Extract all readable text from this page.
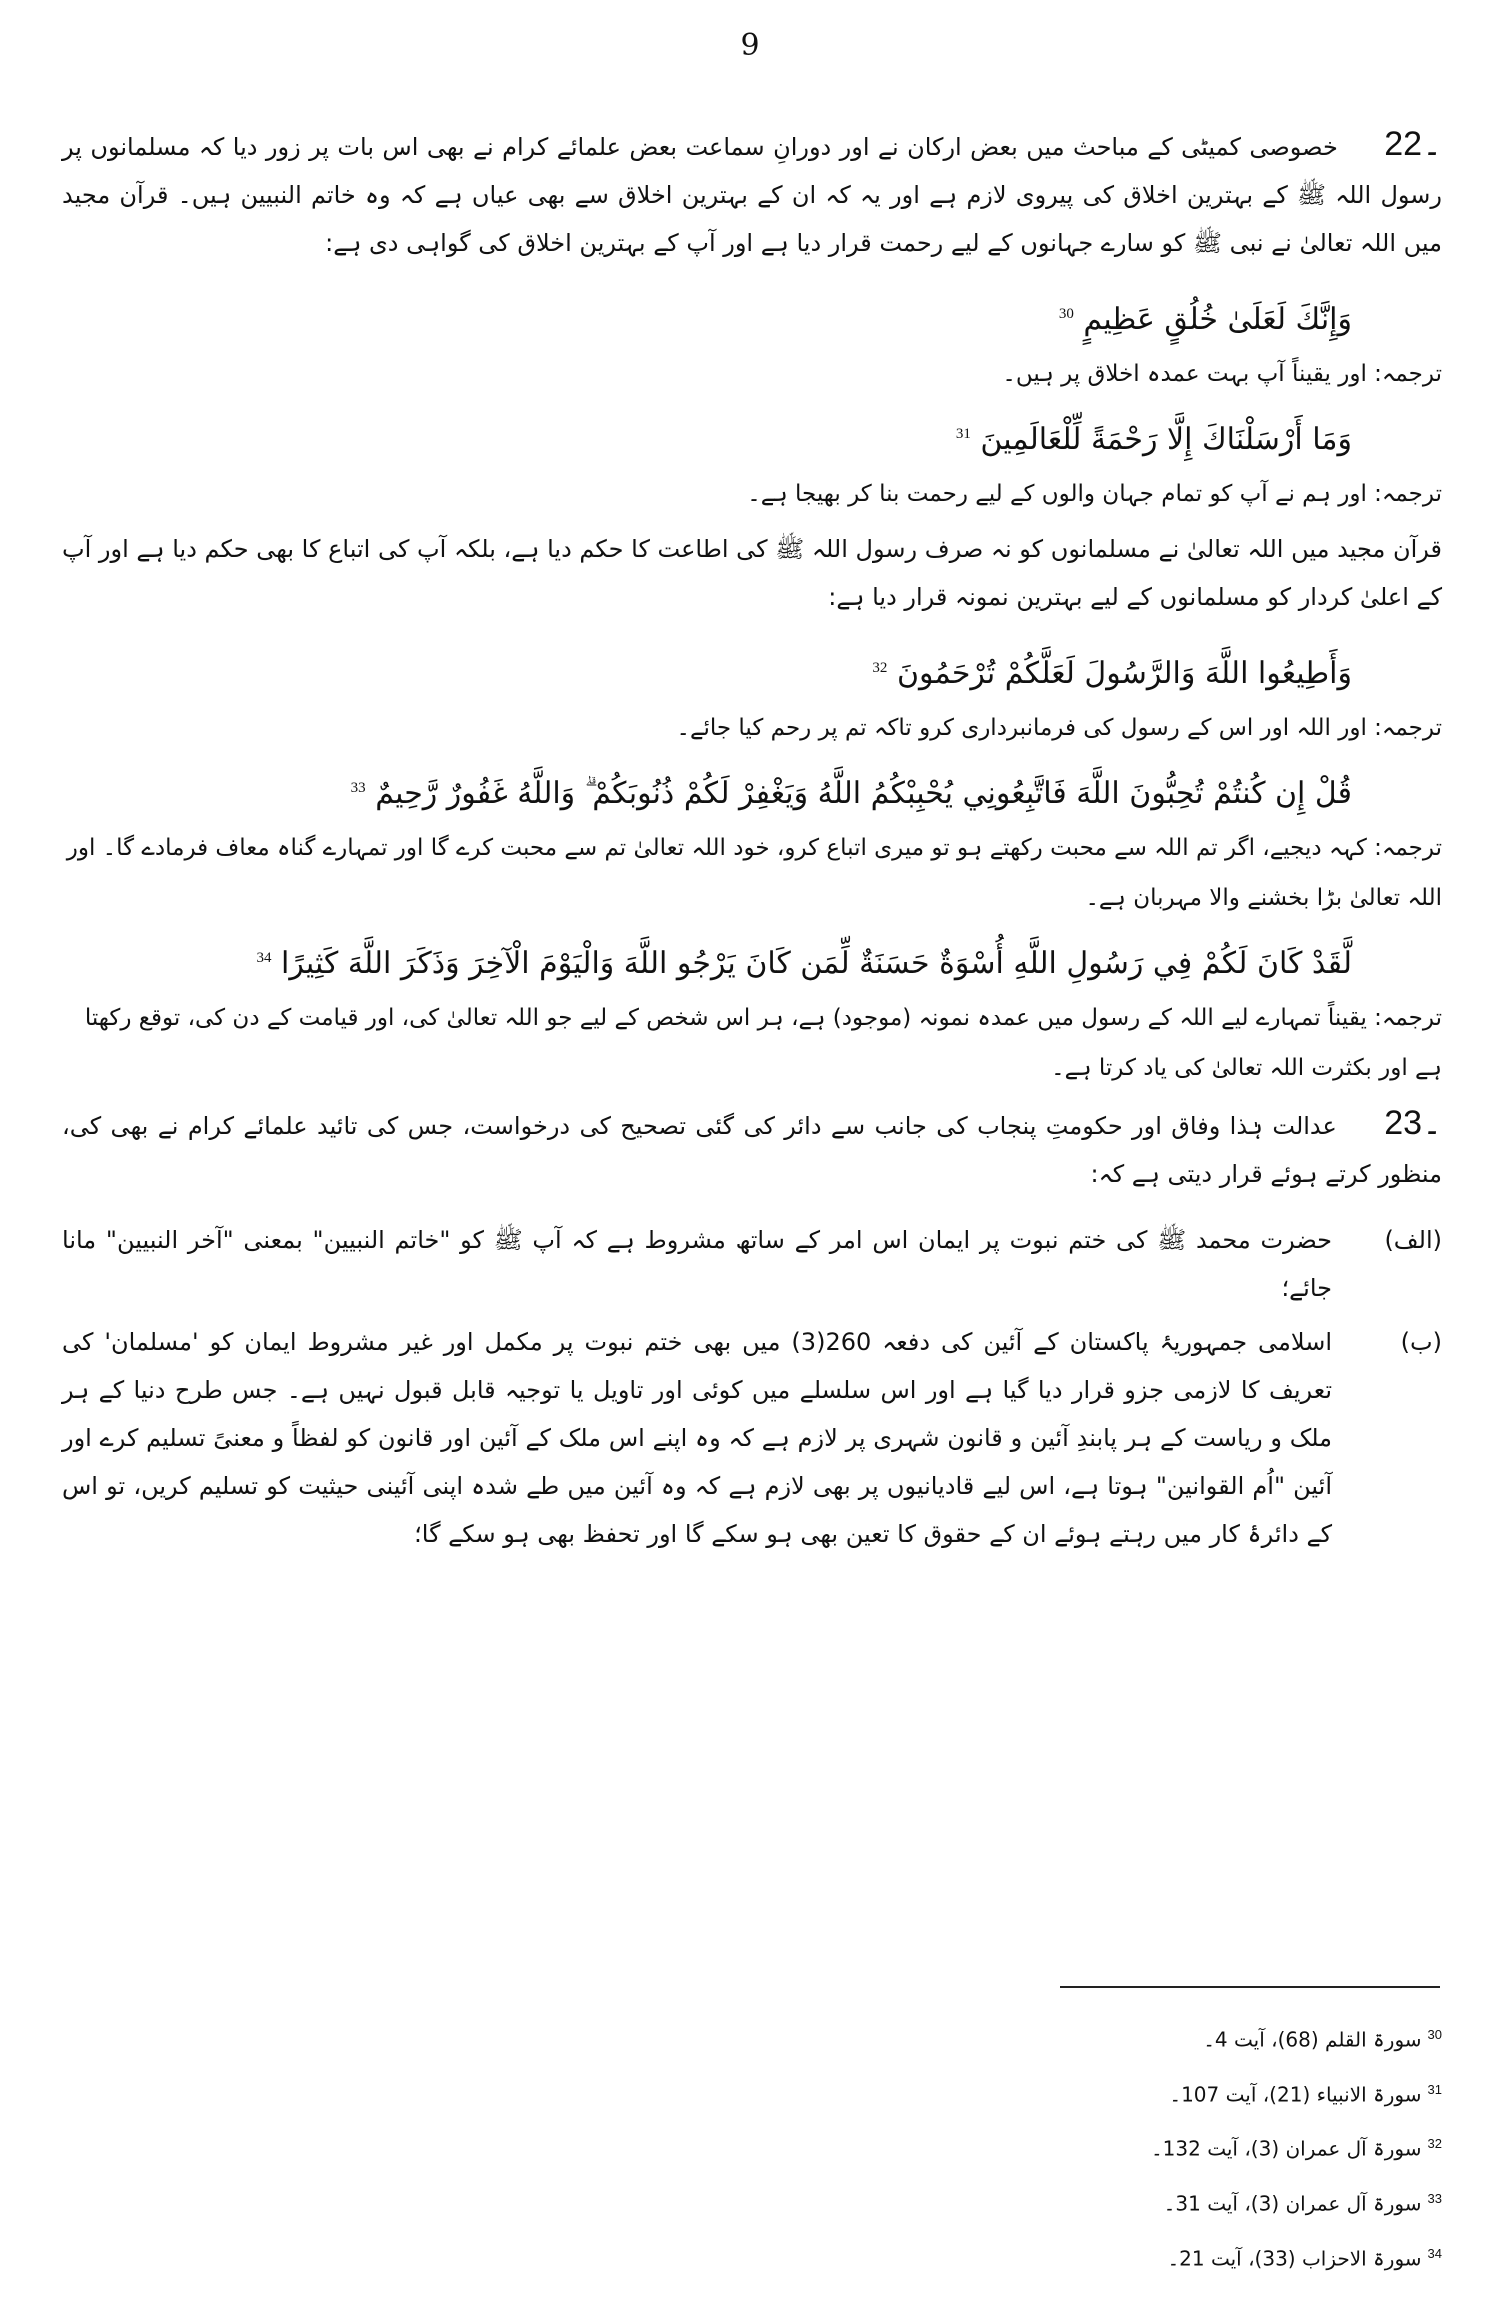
9

22۔ خصوصی کمیٹی کے مباحث میں بعض ارکان نے اور دورانِ سماعت بعض علمائے کرام نے بھی اس بات پر زور دیا کہ مسلمانوں پر رسول اللہ ﷺ کے بہترین اخلاق کی پیروی لازم ہے اور یہ کہ ان کے بہترین اخلاق سے بھی عیاں ہے کہ وہ خاتم النبیین ہیں۔ قرآن مجید میں اللہ تعالیٰ نے نبی ﷺ کو سارے جہانوں کے لیے رحمت قرار دیا ہے اور آپ کے بہترین اخلاق کی گواہی دی ہے:

وَإِنَّكَ لَعَلَىٰ خُلُقٍ عَظِيمٍ $^{30}$

ترجمہ: اور یقیناً آپ بہت عمدہ اخلاق پر ہیں۔

وَمَا أَرْسَلْنَاكَ إِلَّا رَحْمَةً لِّلْعَالَمِينَ $^{31}$

ترجمہ: اور ہم نے آپ کو تمام جہان والوں کے لیے رحمت بنا کر بھیجا ہے۔

قرآن مجید میں اللہ تعالیٰ نے مسلمانوں کو نہ صرف رسول اللہ ﷺ کی اطاعت کا حکم دیا ہے، بلکہ آپ کی اتباع کا بھی حکم دیا ہے اور آپ کے اعلیٰ کردار کو مسلمانوں کے لیے بہترین نمونہ قرار دیا ہے:

وَأَطِيعُوا اللَّهَ وَالرَّسُولَ لَعَلَّكُمْ تُرْحَمُونَ $^{32}$

ترجمہ: اور اللہ اور اس کے رسول کی فرمانبرداری کرو تاکہ تم پر رحم کیا جائے۔

قُلْ إِن كُنتُمْ تُحِبُّونَ اللَّهَ فَاتَّبِعُونِي يُحْبِبْكُمُ اللَّهُ وَيَغْفِرْ لَكُمْ ذُنُوبَكُمْ ۗ وَاللَّهُ غَفُورٌ رَّحِيمٌ $^{33}$

ترجمہ: کہہ دیجیے، اگر تم اللہ سے محبت رکھتے ہو تو میری اتباع کرو، خود اللہ تعالیٰ تم سے محبت کرے گا اور تمہارے گناہ معاف فرمادے گا۔ اور اللہ تعالیٰ بڑا بخشنے والا مہربان ہے۔

لَّقَدْ كَانَ لَكُمْ فِي رَسُولِ اللَّهِ أُسْوَةٌ حَسَنَةٌ لِّمَن كَانَ يَرْجُو اللَّهَ وَالْيَوْمَ الْآخِرَ وَذَكَرَ اللَّهَ كَثِيرًا $^{34}$

ترجمہ: یقیناً تمہارے لیے اللہ کے رسول میں عمدہ نمونہ (موجود) ہے، ہر اس شخص کے لیے جو اللہ تعالیٰ کی، اور قیامت کے دن کی، توقع رکھتا ہے اور بکثرت اللہ تعالیٰ کی یاد کرتا ہے۔

23۔ عدالت ہٰذا وفاق اور حکومتِ پنجاب کی جانب سے دائر کی گئی تصحیح کی درخواست، جس کی تائید علمائے کرام نے بھی کی، منظور کرتے ہوئے قرار دیتی ہے کہ:

(الف)
حضرت محمد ﷺ کی ختم نبوت پر ایمان اس امر کے ساتھ مشروط ہے کہ آپ ﷺ کو "خاتم النبیین" بمعنی "آخر النبیین" مانا جائے؛
(ب)
اسلامی جمہوریۂ پاکستان کے آئین کی دفعہ 260(3) میں بھی ختم نبوت پر مکمل اور غیر مشروط ایمان کو 'مسلمان' کی تعریف کا لازمی جزو قرار دیا گیا ہے اور اس سلسلے میں کوئی اور تاویل یا توجیہ قابل قبول نہیں ہے۔ جس طرح دنیا کے ہر ملک و ریاست کے ہر پابندِ آئین و قانون شہری پر لازم ہے کہ وہ اپنے اس ملک کے آئین اور قانون کو لفظاً و معنیً تسلیم کرے اور آئین "اُم القوانین" ہوتا ہے، اس لیے قادیانیوں پر بھی لازم ہے کہ وہ آئین میں طے شدہ اپنی آئینی حیثیت کو تسلیم کریں، تو اس کے دائرۂ کار میں رہتے ہوئے ان کے حقوق کا تعین بھی ہو سکے گا اور تحفظ بھی ہو سکے گا؛
$^{30}$سورۃ القلم (68)، آیت 4۔
$^{31}$سورۃ الانبیاء (21)، آیت 107۔
$^{32}$سورۃ آل عمران (3)، آیت 132۔
$^{33}$سورۃ آل عمران (3)، آیت 31۔
$^{34}$سورۃ الاحزاب (33)، آیت 21۔
